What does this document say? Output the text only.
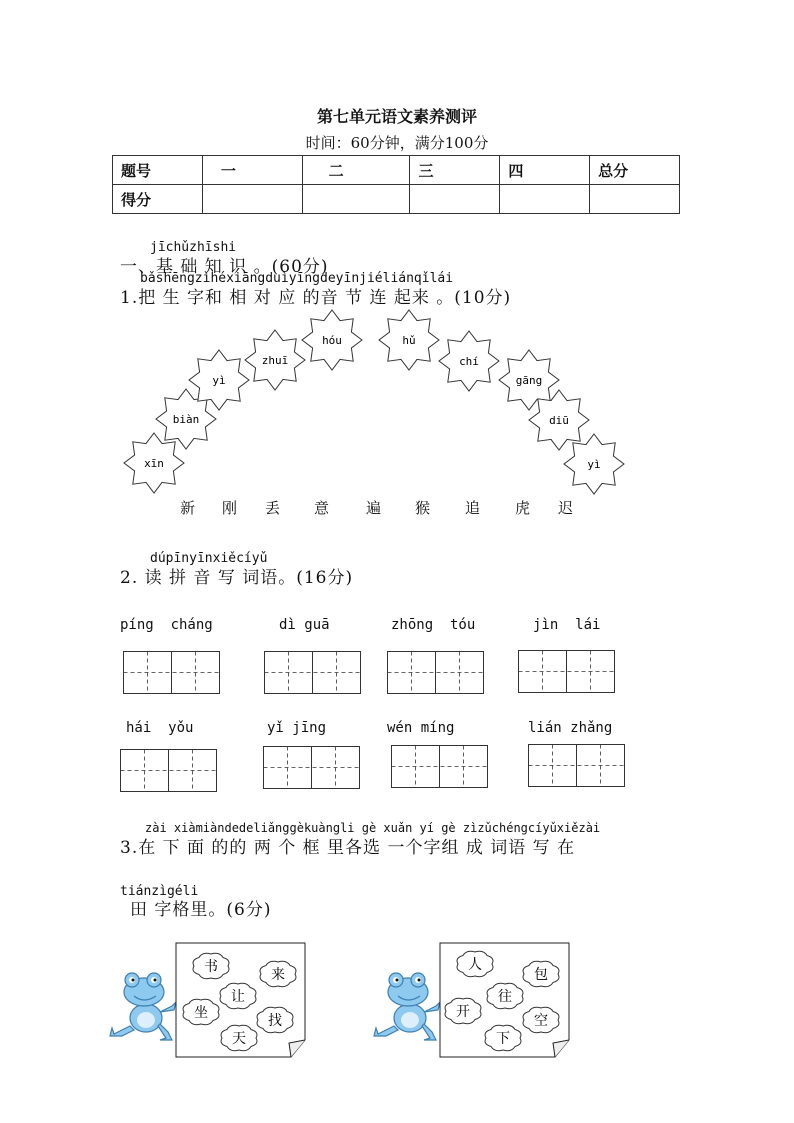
第七单元语文素养测评
时间：60分钟，满分100分
题号	一	二	三	四	总分
得分					
jīchǔzhīshi
一、基 础 知 识 。(60分)
bǎshēngzìhéxiāngduìyīngdeyīnjiéliánqǐlái
1.把 生 字和 相 对 应 的音 节 连 起来 。(10分)
xīn
biàn
yì
zhuī
hóu	hǔ
chí
gāng
diū
yì
新 刚 丢 意 遍 猴 追 虎 迟
dúpīnyīnxiěcíyǔ
2. 读 拼 音 写 词语。(16分)
píng  cháng	dì guā	zhōng  tóu	jìn  lái
hái  yǒu	yǐ jīng	wén míng	lián zhǎng
zài xiàmiàndedeliǎnggèkuàngli gè xuǎn yí gè zìzǔchéngcíyǔxiězài
3.在 下 面 的的 两 个 框 里各选 一个字组 成 词语 写 在
tiánzìgéli
田 字格里。(6分)
书	来
让
坐	找
天
人
包
往
开
空
下
